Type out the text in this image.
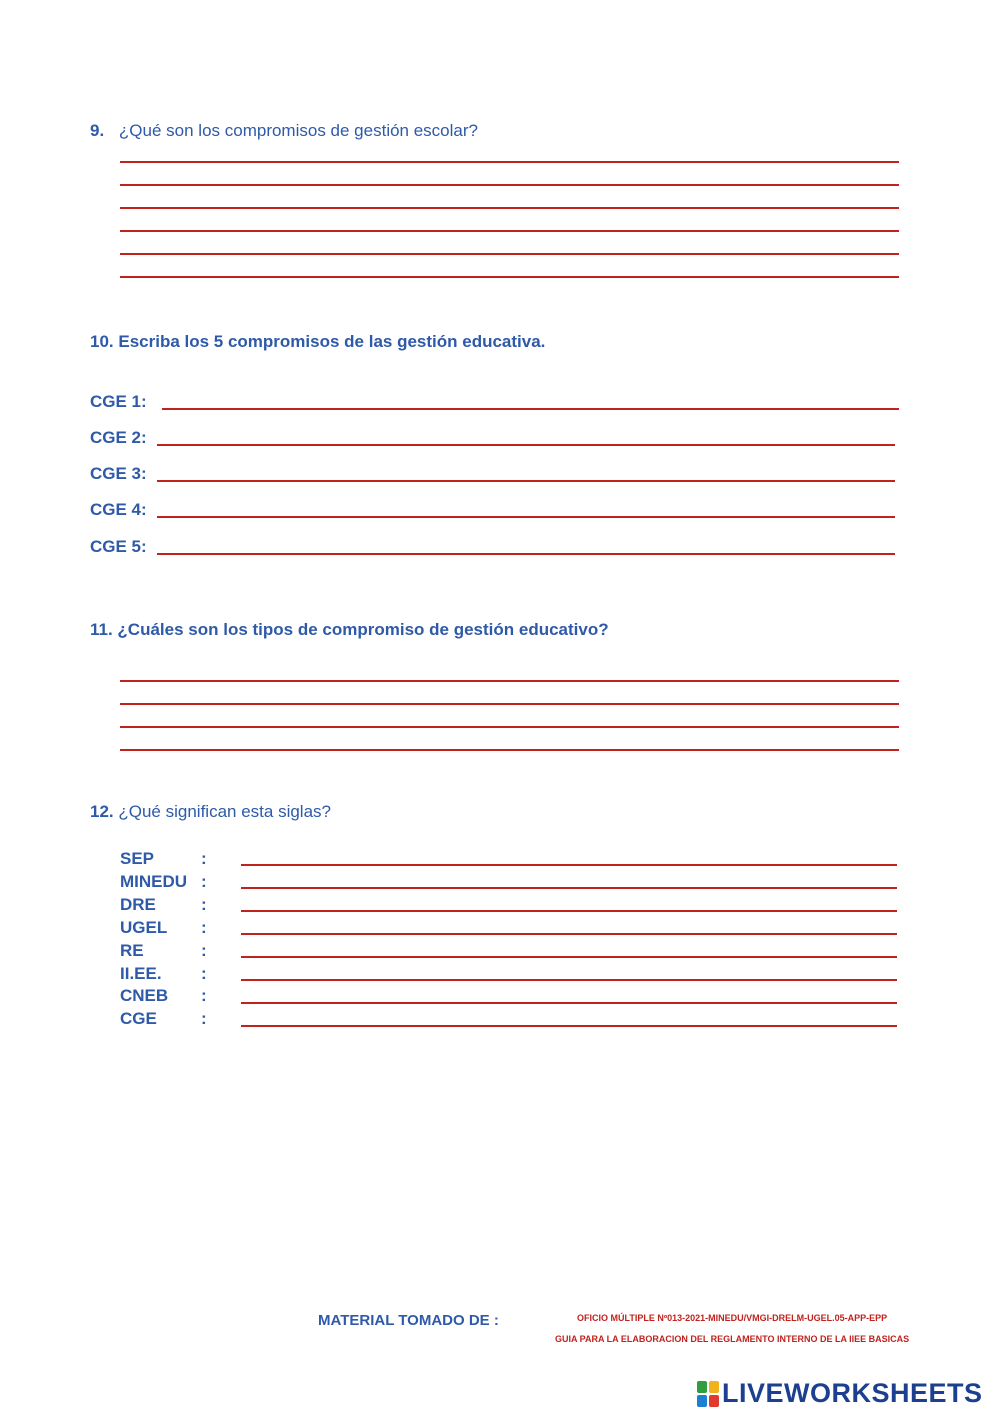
9. ¿Qué son los compromisos de gestión escolar?
10. Escriba los 5 compromisos de las gestión educativa.
CGE 1:
CGE 2:
CGE 3:
CGE 4:
CGE 5:
11. ¿Cuáles son los tipos de compromiso de gestión educativo?
12. ¿Qué significan esta siglas?
SEP	:
MINEDU :
DRE	:
UGEL :
RE	:
II.EE. :
CNEB :
CGE	:
MATERIAL TOMADO DE :	OFICIO MÚLTIPLE Nº013-2021-MINEDU/VMGI-DRELM-UGEL.05-APP-EPP
GUIA PARA LA ELABORACION DEL REGLAMENTO INTERNO DE LA IIEE BASICAS
LIVEWORKSHEETS
